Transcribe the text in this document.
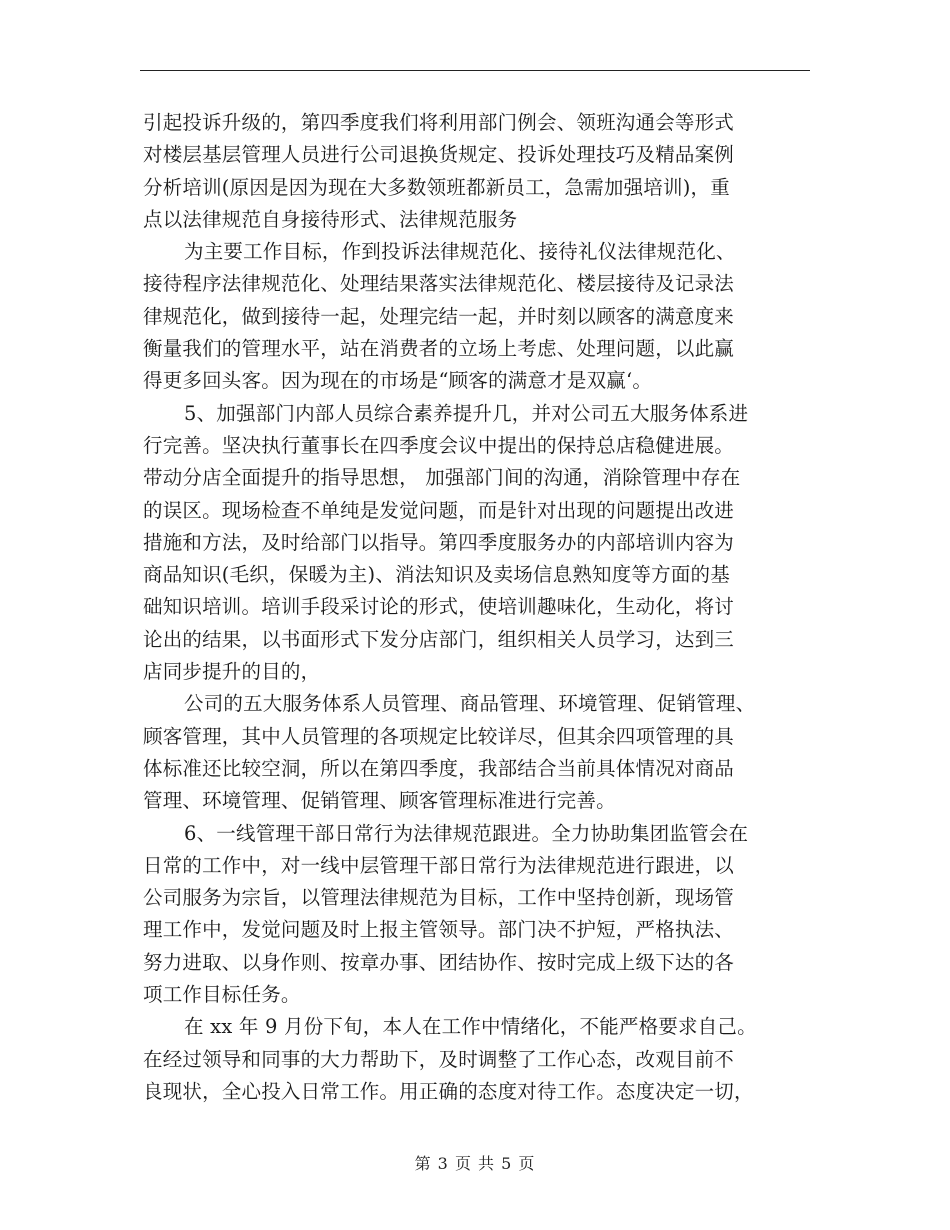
引起投诉升级的，第四季度我们将利用部门例会、领班沟通会等形式
对楼层基层管理人员进行公司退换货规定、投诉处理技巧及精品案例
分析培训(原因是因为现在大多数领班都新员工，急需加强培训)，重
点以法律规范自身接待形式、法律规范服务
为主要工作目标，作到投诉法律规范化、接待礼仪法律规范化、
接待程序法律规范化、处理结果落实法律规范化、楼层接待及记录法
律规范化，做到接待一起，处理完结一起，并时刻以顾客的满意度来
衡量我们的管理水平，站在消费者的立场上考虑、处理问题，以此赢
得更多回头客。因为现在的市场是“顾客的满意才是双赢‘。
5、加强部门内部人员综合素养提升几，并对公司五大服务体系进
行完善。坚决执行董事长在四季度会议中提出的保持总店稳健进展。
带动分店全面提升的指导思想， 加强部门间的沟通，消除管理中存在
的误区。现场检查不单纯是发觉问题，而是针对出现的问题提出改进
措施和方法，及时给部门以指导。第四季度服务办的内部培训内容为
商品知识(毛织，保暖为主)、消法知识及卖场信息熟知度等方面的基
础知识培训。培训手段采讨论的形式，使培训趣味化，生动化，将讨
论出的结果，以书面形式下发分店部门，组织相关人员学习，达到三
店同步提升的目的，
公司的五大服务体系人员管理、商品管理、环境管理、促销管理、
顾客管理，其中人员管理的各项规定比较详尽，但其余四项管理的具
体标准还比较空洞，所以在第四季度，我部结合当前具体情况对商品
管理、环境管理、促销管理、顾客管理标准进行完善。
6、一线管理干部日常行为法律规范跟进。全力协助集团监管会在
日常的工作中，对一线中层管理干部日常行为法律规范进行跟进，以
公司服务为宗旨，以管理法律规范为目标，工作中坚持创新，现场管
理工作中，发觉问题及时上报主管领导。部门决不护短，严格执法、
努力进取、以身作则、按章办事、团结协作、按时完成上级下达的各
项工作目标任务。
在 xx 年 9 月份下旬，本人在工作中情绪化，不能严格要求自己。
在经过领导和同事的大力帮助下，及时调整了工作心态，改观目前不
良现状，全心投入日常工作。用正确的态度对待工作。态度决定一切，
第 3 页 共 5 页
